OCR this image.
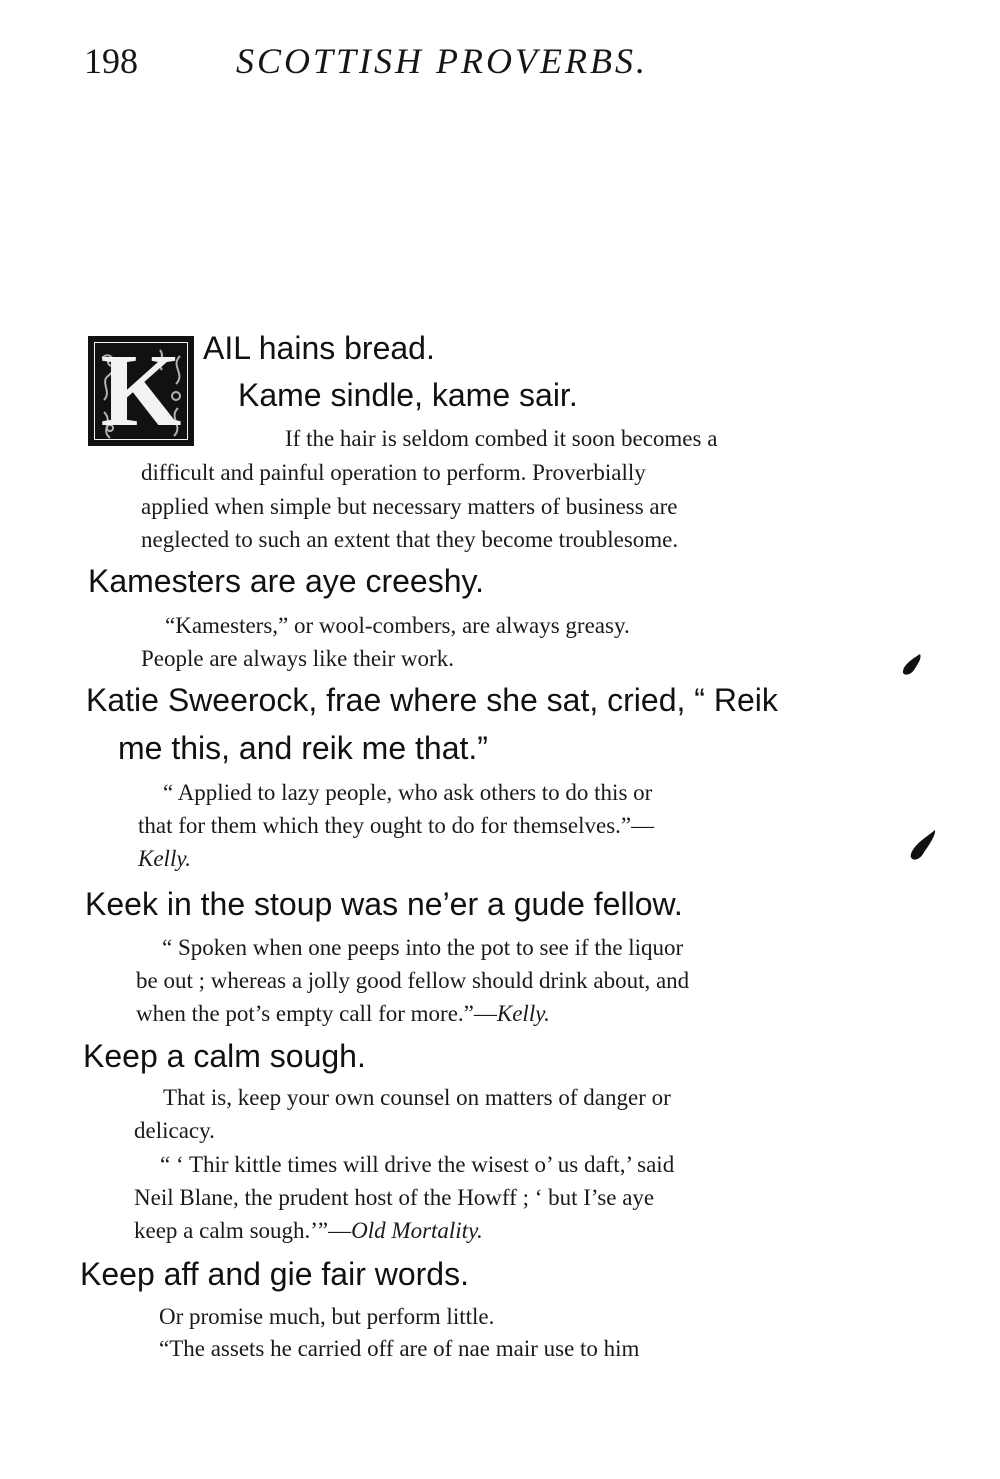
198	SCOTTISH PROVERBS.
K AIL hains bread.
Kame sindle, kame sair.
If the hair is seldom combed it soon becomes a
difficult and painful operation to perform. Proverbially
applied when simple but necessary matters of business are
neglected to such an extent that they become troublesome.
Kamesters are aye creeshy.
“Kamesters,” or wool-combers, are always greasy.
People are always like their work.
Katie Sweerock, frae where she sat, cried, “ Reik
me this, and reik me that.”
“ Applied to lazy people, who ask others to do this or
that for them which they ought to do for themselves.”—
Kelly.
Keek in the stoup was ne’er a gude fellow.
“ Spoken when one peeps into the pot to see if the liquor
be out ; whereas a jolly good fellow should drink about, and
when the pot’s empty call for more.”—Kelly.
Keep a calm sough.
That is, keep your own counsel on matters of danger or
delicacy.
“ ‘ Thir kittle times will drive the wisest o’ us daft,’ said
Neil Blane, the prudent host of the Howff ; ‘ but I’se aye
keep a calm sough.’”—Old Mortality.
Keep aff and gie fair words.
Or promise much, but perform little.
“The assets he carried off are of nae mair use to him
